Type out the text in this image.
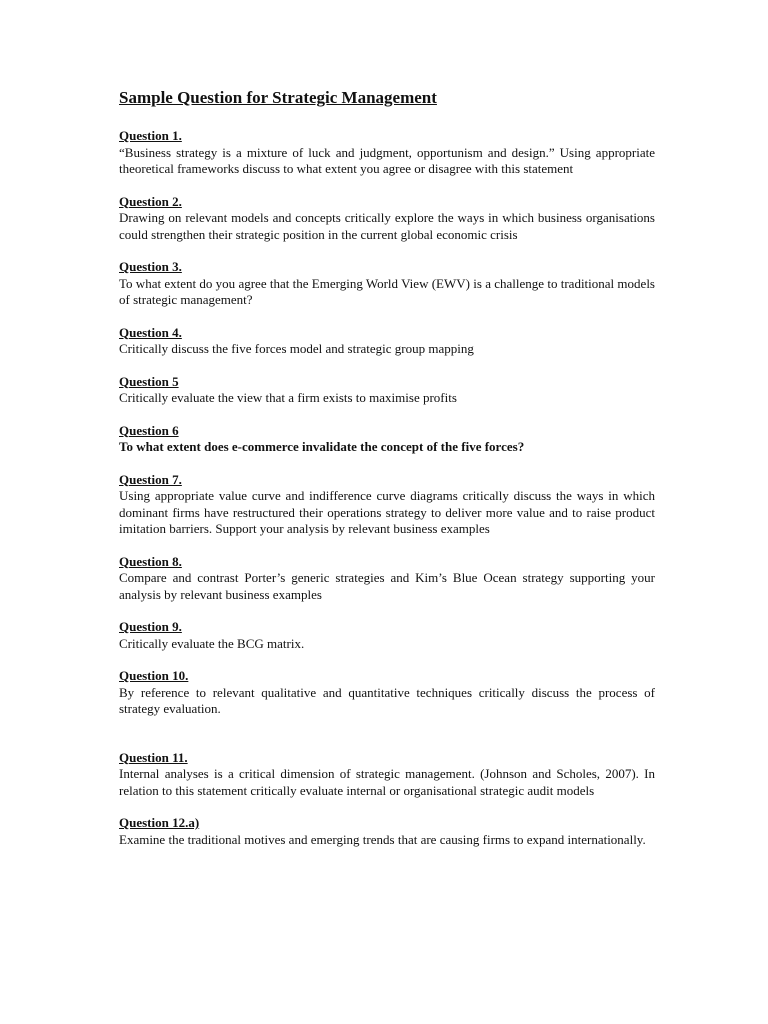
Sample Question for Strategic Management
Question 1.
“Business strategy is a mixture of luck and judgment, opportunism and design.” Using appropriate theoretical frameworks discuss to what extent you agree or disagree with this statement
Question 2.
Drawing on relevant models and concepts critically explore the ways in which business organisations could strengthen their strategic position in the current global economic crisis
Question 3.
To what extent do you agree that the Emerging World View (EWV) is a challenge to traditional models of strategic management?
Question 4.
Critically discuss the five forces model and strategic group mapping
Question 5
Critically evaluate the view that a firm exists to maximise profits
Question 6
To what extent does e-commerce invalidate the concept of the five forces?
Question 7.
Using appropriate value curve and indifference curve diagrams critically discuss the ways in which dominant firms have restructured their operations strategy to deliver more value and to raise product imitation barriers. Support your analysis by relevant business examples
Question 8.
Compare and contrast Porter’s generic strategies and Kim’s Blue Ocean strategy supporting your analysis by relevant business examples
Question 9.
Critically evaluate the BCG matrix.
Question 10.
By reference to relevant qualitative and quantitative techniques critically discuss the process of strategy evaluation.
Question 11.
Internal analyses is a critical dimension of strategic management. (Johnson and Scholes, 2007). In relation to this statement critically evaluate internal or organisational strategic audit models
Question 12.a)
Examine the traditional motives and emerging trends that are causing firms to expand internationally.
